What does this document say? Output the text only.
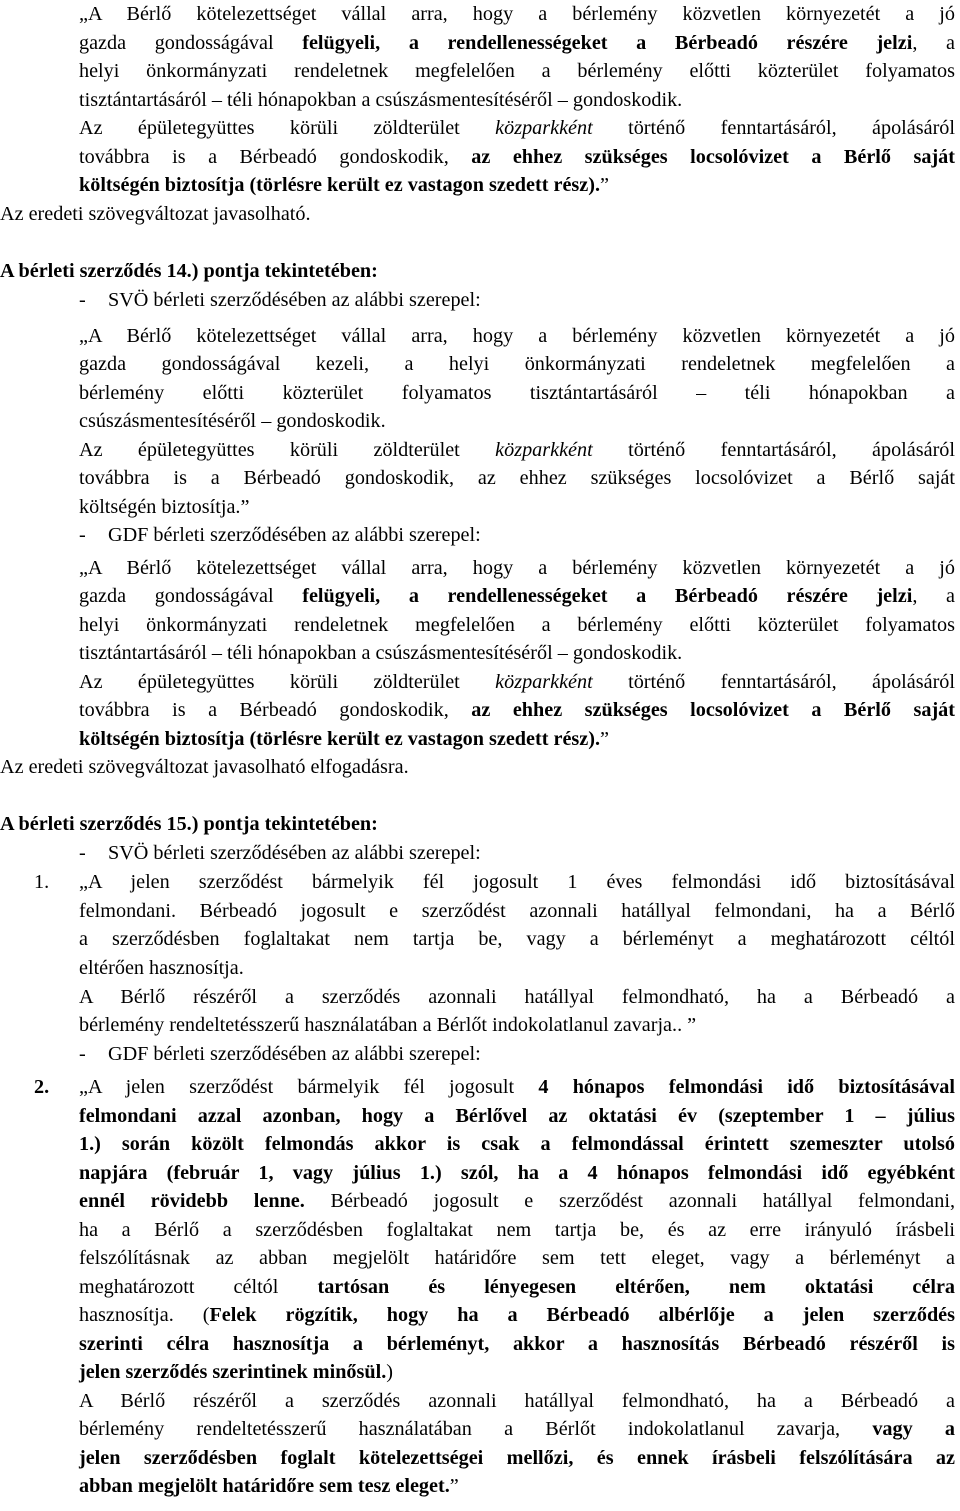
„A Bérlő kötelezettséget vállal arra, hogy a bérlemény közvetlen környezetét a jó
gazda gondosságával felügyeli, a rendellenességeket a Bérbeadó részére jelzi, a
helyi önkormányzati rendeletnek megfelelően a bérlemény előtti közterület folyamatos
tisztántartásáról – téli hónapokban a csúszásmentesítéséről – gondoskodik.
Az épületegyüttes körüli zöldterület közparkként történő fenntartásáról, ápolásáról
továbbra is a Bérbeadó gondoskodik, az ehhez szükséges locsolóvizet a Bérlő saját
költségén biztosítja (törlésre került ez vastagon szedett rész).”
Az eredeti szövegváltozat javasolható.
A bérleti szerződés 14.) pontja tekintetében:
- SVÖ bérleti szerződésében az alábbi szerepel:
„A Bérlő kötelezettséget vállal arra, hogy a bérlemény közvetlen környezetét a jó
gazda gondosságával kezeli, a helyi önkormányzati rendeletnek megfelelően a
bérlemény előtti közterület folyamatos tisztántartásáról – téli hónapokban a
csúszásmentesítéséről – gondoskodik.
Az épületegyüttes körüli zöldterület közparkként történő fenntartásáról, ápolásáról
továbbra is a Bérbeadó gondoskodik, az ehhez szükséges locsolóvizet a Bérlő saját
költségén biztosítja.”
- GDF bérleti szerződésében az alábbi szerepel:
„A Bérlő kötelezettséget vállal arra, hogy a bérlemény közvetlen környezetét a jó
gazda gondosságával felügyeli, a rendellenességeket a Bérbeadó részére jelzi, a
helyi önkormányzati rendeletnek megfelelően a bérlemény előtti közterület folyamatos
tisztántartásáról – téli hónapokban a csúszásmentesítéséről – gondoskodik.
Az épületegyüttes körüli zöldterület közparkként történő fenntartásáról, ápolásáról
továbbra is a Bérbeadó gondoskodik, az ehhez szükséges locsolóvizet a Bérlő saját
költségén biztosítja (törlésre került ez vastagon szedett rész).”
Az eredeti szövegváltozat javasolható elfogadásra.
A bérleti szerződés 15.) pontja tekintetében:
- SVÖ bérleti szerződésében az alábbi szerepel:
1. „A jelen szerződést bármelyik fél jogosult 1 éves felmondási idő biztosításával
felmondani. Bérbeadó jogosult e szerződést azonnali hatállyal felmondani, ha a Bérlő
a szerződésben foglaltakat nem tartja be, vagy a bérleményt a meghatározott céltól
eltérően hasznosítja.
A Bérlő részéről a szerződés azonnali hatállyal felmondható, ha a Bérbeadó a
bérlemény rendeltetésszerű használatában a Bérlőt indokolatlanul zavarja.. ”
- GDF bérleti szerződésében az alábbi szerepel:
2. „A jelen szerződést bármelyik fél jogosult 4 hónapos felmondási idő biztosításával
felmondani azzal azonban, hogy a Bérlővel az oktatási év (szeptember 1 – július
1.) során közölt felmondás akkor is csak a felmondással érintett szemeszter utolsó
napjára (február 1, vagy július 1.) szól, ha a 4 hónapos felmondási idő egyébként
ennél rövidebb lenne. Bérbeadó jogosult e szerződést azonnali hatállyal felmondani,
ha a Bérlő a szerződésben foglaltakat nem tartja be, és az erre irányuló írásbeli
felszólításnak az abban megjelölt határidőre sem tett eleget, vagy a bérleményt a
meghatározott céltól tartósan és lényegesen eltérően, nem oktatási célra
hasznosítja. (Felek rögzítik, hogy ha a Bérbeadó albérlője a jelen szerződés
szerinti célra hasznosítja a bérleményt, akkor a hasznosítás Bérbeadó részéről is
jelen szerződés szerintinek minősül.)
A Bérlő részéről a szerződés azonnali hatállyal felmondható, ha a Bérbeadó a
bérlemény rendeltetésszerű használatában a Bérlőt indokolatlanul zavarja, vagy a
jelen szerződésben foglalt kötelezettségei mellőzi, és ennek írásbeli felszólítására az
abban megjelölt határidőre sem tesz eleget.”
